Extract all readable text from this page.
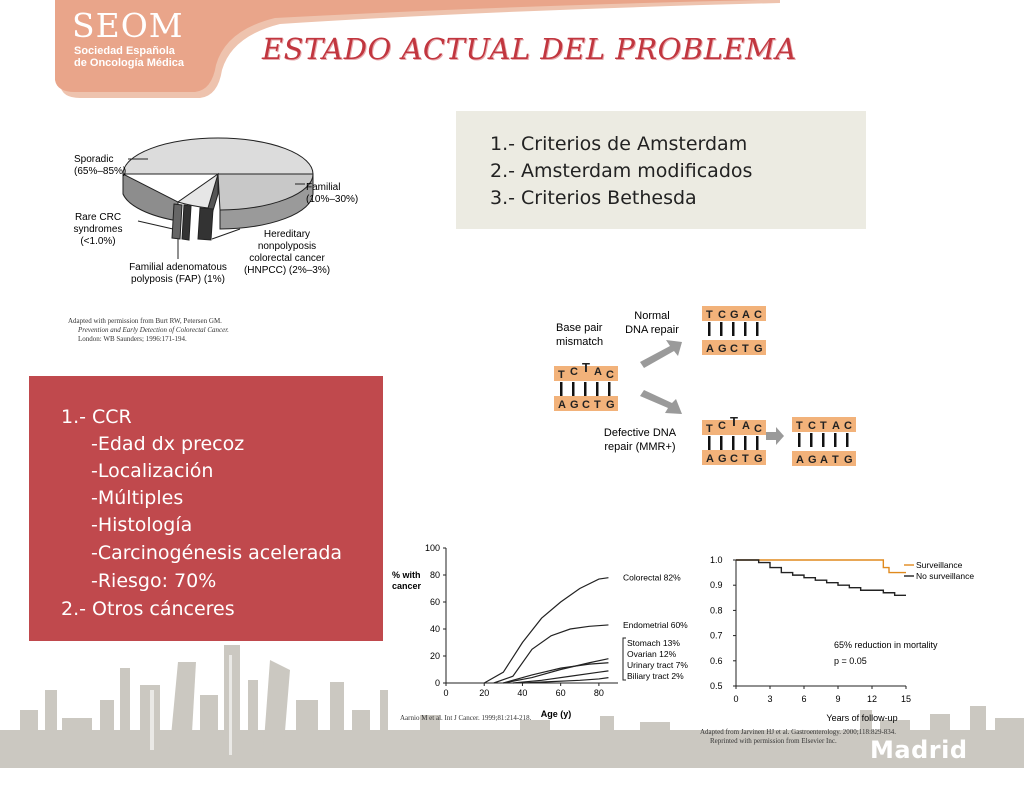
SEOM
Sociedad Española
de Oncología Médica	ESTADO ACTUAL DEL PROBLEMA
Sporadic
(65%–85%)
Familial
(10%–30%)
Rare CRC
syndromes
(<1.0%)
Familial adenomatous
polyposis (FAP) (1%)
Hereditary
nonpolyposis
colorectal cancer
(HNPCC) (2%–3%)
Adapted with permission from Burt RW, Petersen GM.
Prevention and Early Detection of Colorectal Cancer.
London: WB Saunders; 1996:171-194.
1.- Criterios de Amsterdam
2.- Amsterdam modificados
3.- Criterios Bethesda
Base pair
mismatch
Normal
DNA repair
Defective DNA
repair (MMR+)
T C T A C
A G C T G
T C G A C
A G C T G
T C T A C
A G C T G
T C T A C
A G A T G
1.- CCR
-Edad dx precoz
-Localización
-Múltiples
-Histología
-Carcinogénesis acelerada
-Riesgo: 70%
2.- Otros cánceres
% with
cancer
Age (y)
0
20
40
60
80
100
0	20	40	60	80
Colorectal 82%
Endometrial 60%
Stomach 13%
Ovarian 12%
Urinary tract 7%
Biliary tract 2%
Aarnio M et al. Int J Cancer. 1999;81:214-218.	Years of follow-up
65% reduction in mortality
p = 0.05
0.5
0.6
0.7
0.8
0.9
1.0
0	3	6	9	12	15
Surveillance
No surveillance
Adapted from Jarvinen HJ et al. Gastroenterology. 2000;118:829-834.
Reprinted with permission from Elsevier Inc.	Madrid 2010
